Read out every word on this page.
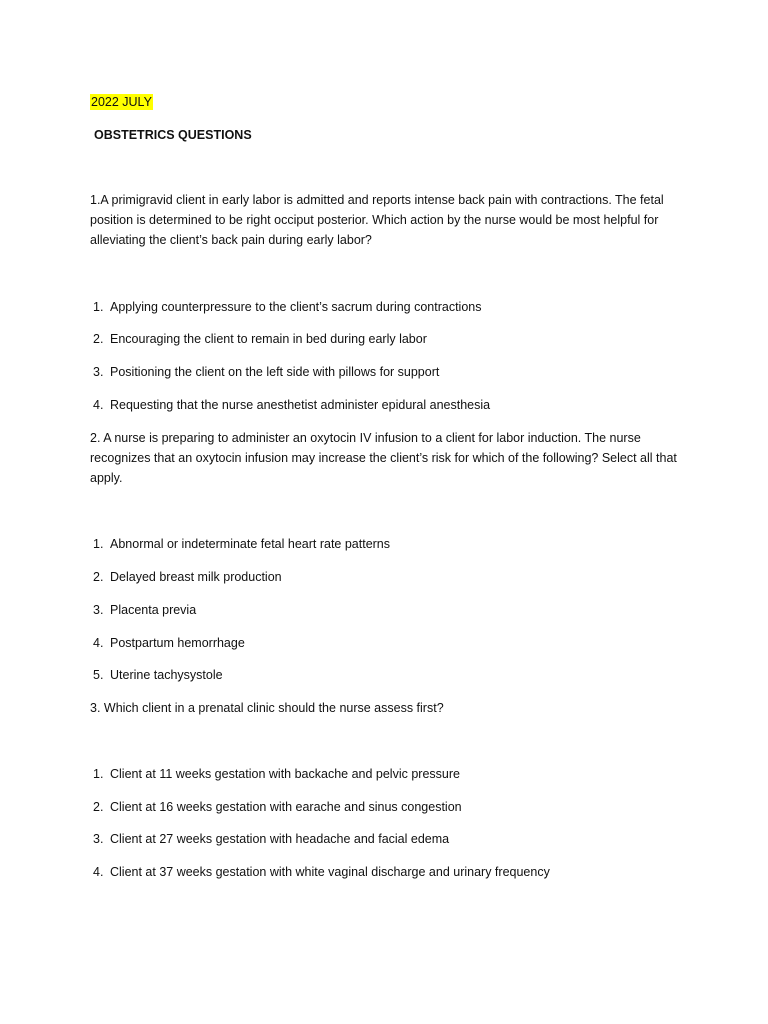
2022 JULY
OBSTETRICS QUESTIONS

1.A primigravid client in early labor is admitted and reports intense back pain with contractions. The fetal position is determined to be right occiput posterior. Which action by the nurse would be most helpful for alleviating the client’s back pain during early labor?

1. Applying counterpressure to the client’s sacrum during contractions
2. Encouraging the client to remain in bed during early labor
3. Positioning the client on the left side with pillows for support
4. Requesting that the nurse anesthetist administer epidural anesthesia

2. A nurse is preparing to administer an oxytocin IV infusion to a client for labor induction. The nurse recognizes that an oxytocin infusion may increase the client’s risk for which of the following? Select all that apply.

1. Abnormal or indeterminate fetal heart rate patterns
2. Delayed breast milk production
3. Placenta previa
4. Postpartum hemorrhage
5. Uterine tachysystole

3. Which client in a prenatal clinic should the nurse assess first?

1. Client at 11 weeks gestation with backache and pelvic pressure
2. Client at 16 weeks gestation with earache and sinus congestion
3. Client at 27 weeks gestation with headache and facial edema
4. Client at 37 weeks gestation with white vaginal discharge and urinary frequency
